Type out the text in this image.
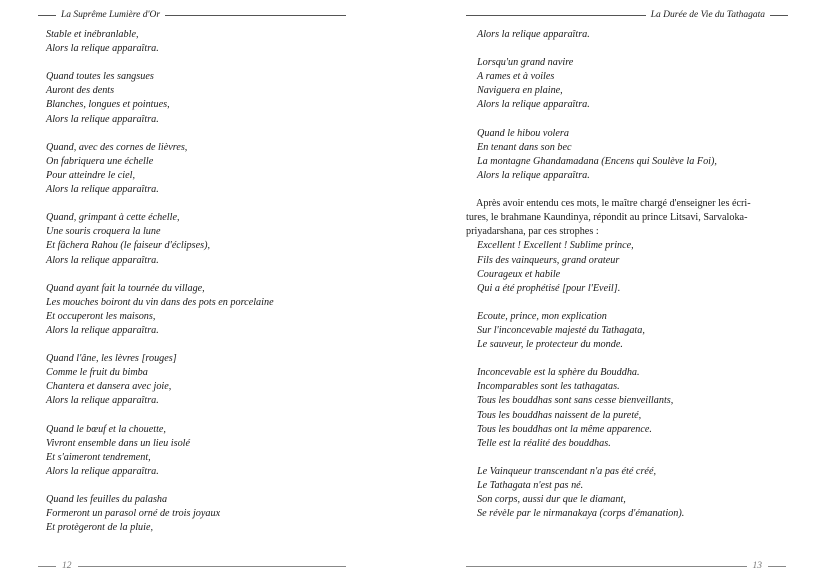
La Suprême Lumière d'Or
Stable et inébranlable,
Alors la relique apparaîtra.
Quand toutes les sangsues
Auront des dents
Blanches, longues et pointues,
Alors la relique apparaîtra.
Quand, avec des cornes de lièvres,
On fabriquera une échelle
Pour atteindre le ciel,
Alors la relique apparaîtra.
Quand, grimpant à cette échelle,
Une souris croquera la lune
Et fâchera Rahou (le faiseur d'éclipses),
Alors la relique apparaîtra.
Quand ayant fait la tournée du village,
Les mouches boiront du vin dans des pots en porcelaine
Et occuperont les maisons,
Alors la relique apparaîtra.
Quand l'âne, les lèvres [rouges]
Comme le fruit du bimba
Chantera et dansera avec joie,
Alors la relique apparaîtra.
Quand le bœuf et la chouette,
Vivront ensemble dans un lieu isolé
Et s'aimeront tendrement,
Alors la relique apparaîtra.
Quand les feuilles du palasha
Formeront un parasol orné de trois joyaux
Et protègeront de la pluie,
12
La Durée de Vie du Tathagata
Alors la relique apparaîtra.
Lorsqu'un grand navire
A rames et à voiles
Naviguera en plaine,
Alors la relique apparaîtra.
Quand le hibou volera
En tenant dans son bec
La montagne Ghandamadana (Encens qui Soulève la Foi),
Alors la relique apparaîtra.
Après avoir entendu ces mots, le maître chargé d'enseigner les écri-
tures, le brahmane Kaundinya, répondit au prince Litsavi, Sarvaloka-
priyadarshana, par ces strophes :
Excellent ! Excellent ! Sublime prince,
Fils des vainqueurs, grand orateur
Courageux et habile
Qui a été prophétisé [pour l'Eveil].
Ecoute, prince, mon explication
Sur l'inconcevable majesté du Tathagata,
Le sauveur, le protecteur du monde.
Inconcevable est la sphère du Bouddha.
Incomparables sont les tathagatas.
Tous les bouddhas sont sans cesse bienveillants,
Tous les bouddhas naissent de la pureté,
Tous les bouddhas ont la même apparence.
Telle est la réalité des bouddhas.
Le Vainqueur transcendant n'a pas été créé,
Le Tathagata n'est pas né.
Son corps, aussi dur que le diamant,
Se révèle par le nirmanakaya (corps d'émanation).
13
